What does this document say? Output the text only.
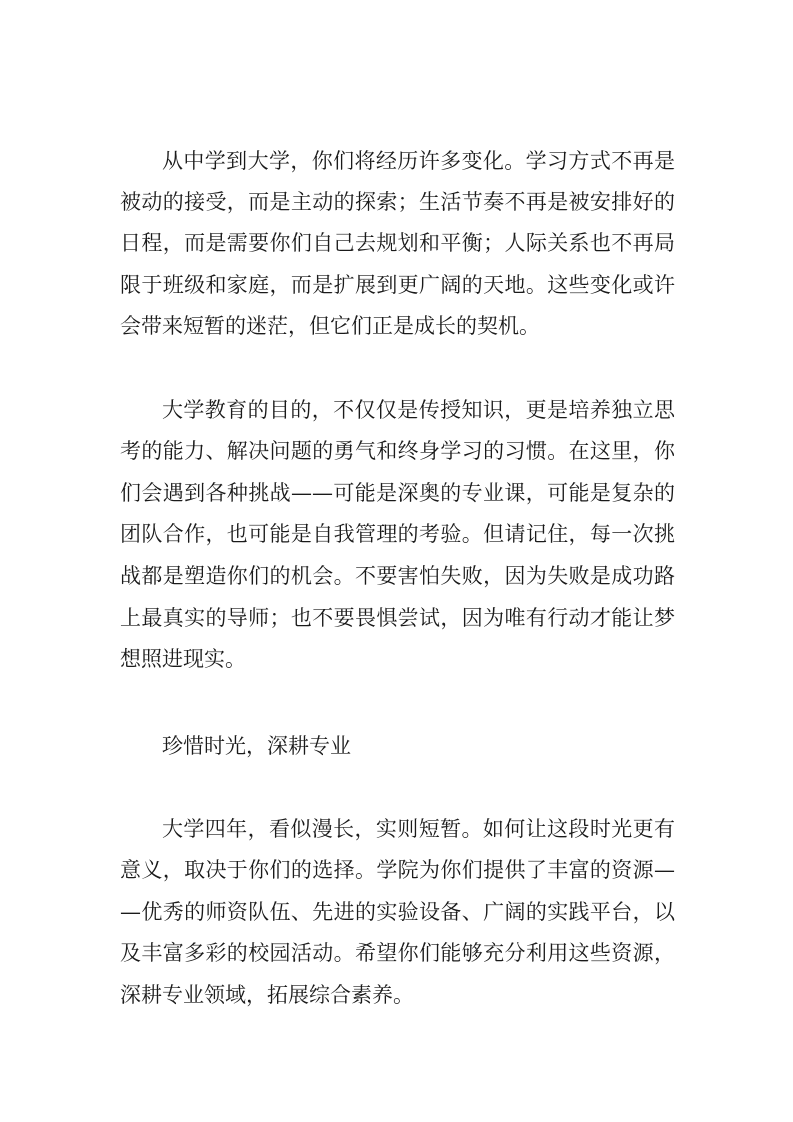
从中学到大学，你们将经历许多变化。学习方式不再是
被动的接受，而是主动的探索；生活节奏不再是被安排好的
日程，而是需要你们自己去规划和平衡；人际关系也不再局
限于班级和家庭，而是扩展到更广阔的天地。这些变化或许
会带来短暂的迷茫，但它们正是成长的契机。
大学教育的目的，不仅仅是传授知识，更是培养独立思
考的能力、解决问题的勇气和终身学习的习惯。在这里，你
们会遇到各种挑战——可能是深奥的专业课，可能是复杂的
团队合作，也可能是自我管理的考验。但请记住，每一次挑
战都是塑造你们的机会。不要害怕失败，因为失败是成功路
上最真实的导师；也不要畏惧尝试，因为唯有行动才能让梦
想照进现实。
珍惜时光，深耕专业
大学四年，看似漫长，实则短暂。如何让这段时光更有
意义，取决于你们的选择。学院为你们提供了丰富的资源—
—优秀的师资队伍、先进的实验设备、广阔的实践平台，以
及丰富多彩的校园活动。希望你们能够充分利用这些资源，
深耕专业领域，拓展综合素养。
